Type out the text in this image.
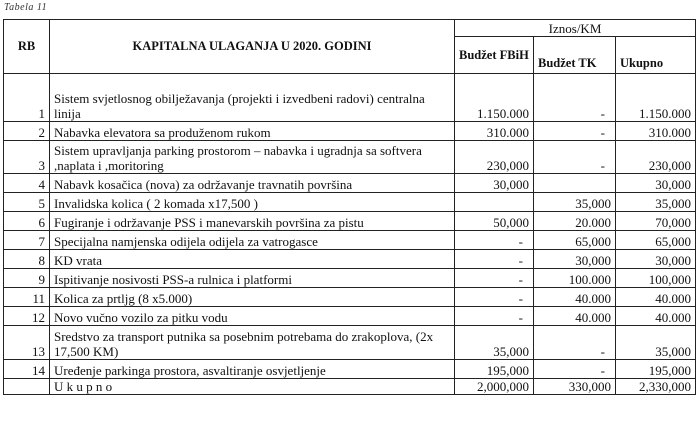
Tabela 11
RB	KAPITALNA ULAGANJA U 2020. GODINI	Iznos/KM		
		Budžet FBiH	Budžet TK	Ukupno
1	Sistem svjetlosnog obilježavanja (projekti i izvedbeni radovi) centralna linija	1.150.000	-	1.150.000
2	Nabavka elevatora sa produženom rukom	310.000	-	310.000
3	Sistem upravljanja parking prostorom – nabavka i ugradnja sa softvera ,naplata i ,moritoring	230,000	-	230,000
4	Nabavk kosačica (nova) za održavanje travnatih površina	30,000		30,000
5	Invalidska kolica ( 2 komada x17,500 )		35,000	35,000
6	Fugiranje i održavanje PSS i manevarskih površina za pistu	50,000	20.000	70,000
7	Specijalna namjenska odijela odijela za vatrogasce	-	65,000	65,000
8	KD vrata	-	30,000	30,000
9	Ispitivanje nosivosti PSS-a rulnica i platformi	-	100.000	100,000
11	Kolica za prtljg (8 x5.000)	-	40.000	40.000
12	Novo vučno vozilo za pitku vodu	-	40.000	40.000
13	Sredstvo za transport putnika sa posebnim potrebama do zrakoplova, (2x 17,500 KM)	35,000	-	35,000
14	Uređenje parkinga prostora, asvaltiranje osvjetljenje	195,000	-	195,000
	U k u p n o	2,000,000	330,000	2,330,000
